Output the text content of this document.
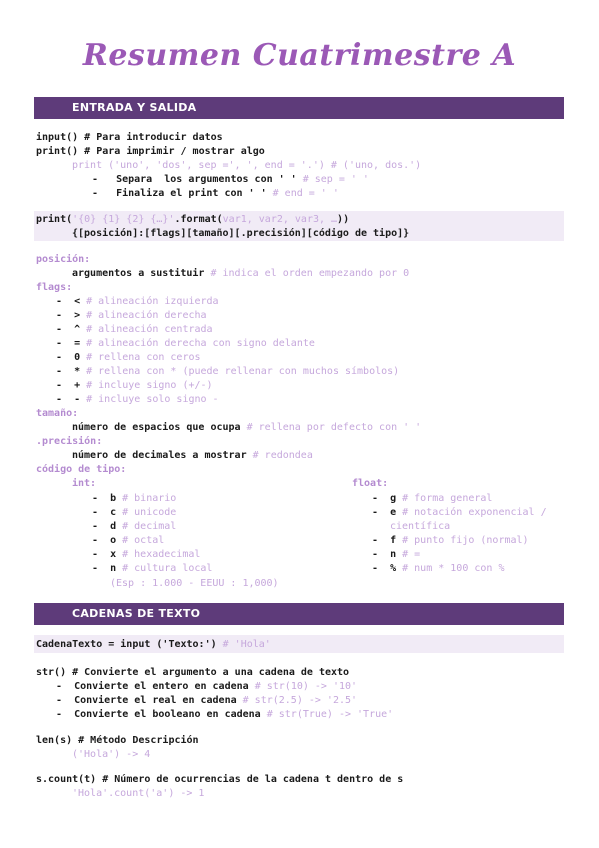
Resumen Cuatrimestre A
ENTRADA Y SALIDA
input() # Para introducir datos
print() # Para imprimir / mostrar algo
print ('uno', 'dos', sep =', ', end = '.') # ('uno, dos.')
-   Separa  los argumentos con ' ' # sep = ' '
-   Finaliza el print con ' ' # end = ' '
print('{0} {1} {2} {…}'.format(var1, var2, var3, …))
{[posición]:[flags][tamaño][.precisión][código de tipo]}
posición:
argumentos a sustituir # indica el orden empezando por 0
flags:
-  < # alineación izquierda
-  > # alineación derecha
-  ^ # alineación centrada
-  = # alineación derecha con signo delante
-  0 # rellena con ceros
-  * # rellena con * (puede rellenar con muchos símbolos)
-  + # incluye signo (+/-)
-  - # incluye solo signo -
tamaño:
número de espacios que ocupa # rellena por defecto con ' '
.precisión:
número de decimales a mostrar # redondea
código de tipo:
int:	float:
-  b # binario
-  c # unicode
-  d # decimal
-  o # octal
-  x # hexadecimal
-  n # cultura local
(Esp : 1.000 - EEUU : 1,000)
-  g # forma general
-  e # notación exponencial /
científica
-  f # punto fijo (normal)
-  n # =
-  % # num * 100 con %
CADENAS DE TEXTO
CadenaTexto = input ('Texto:') # 'Hola'
str() # Convierte el argumento a una cadena de texto
-  Convierte el entero en cadena # str(10) -> '10'
-  Convierte el real en cadena # str(2.5) -> '2.5'
-  Convierte el booleano en cadena # str(True) -> 'True'
len(s) # Método Descripción
('Hola') -> 4
s.count(t) # Número de ocurrencias de la cadena t dentro de s
'Hola'.count('a') -> 1
